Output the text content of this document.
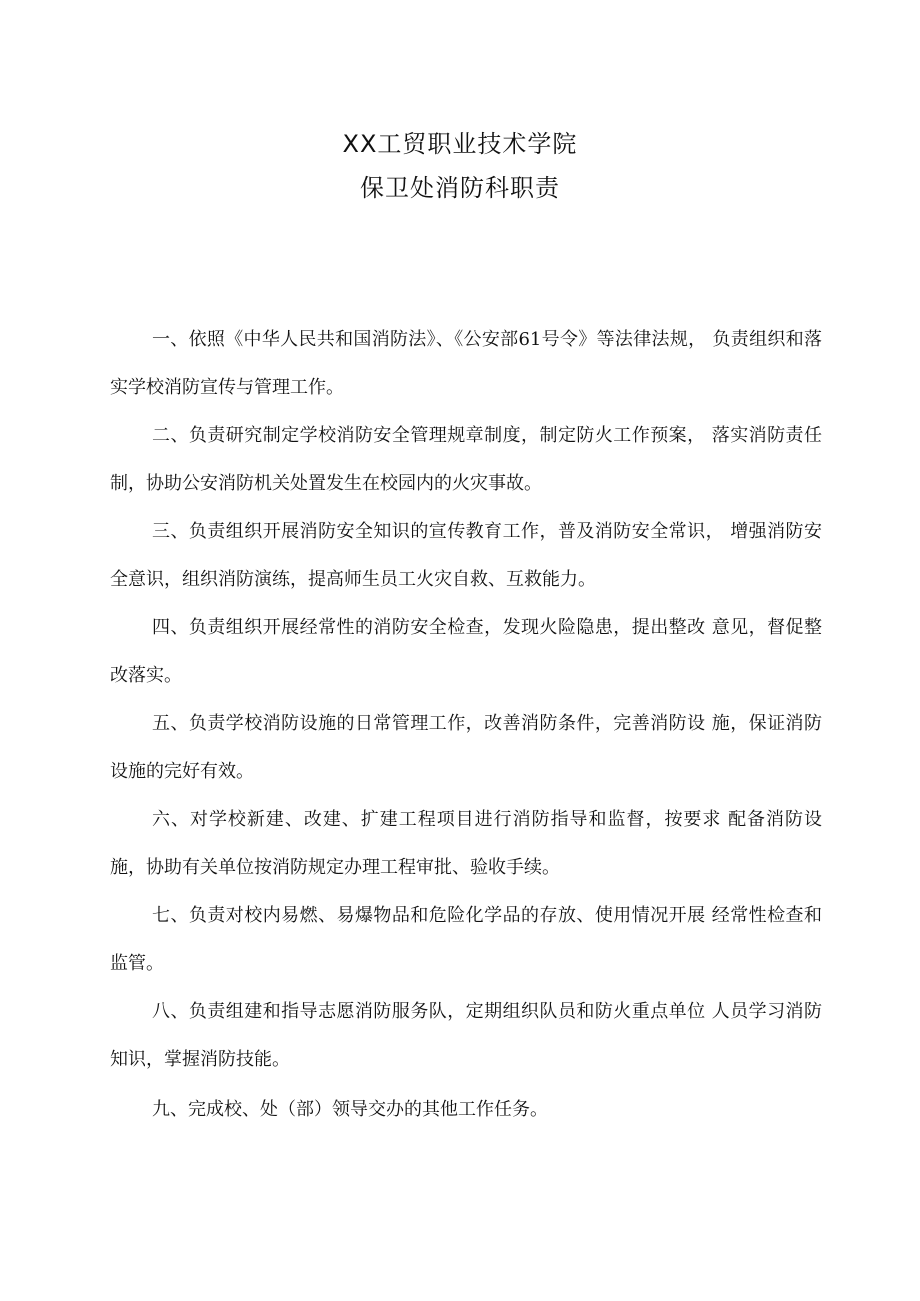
XX工贸职业技术学院
保卫处消防科职责

一、依照《中华人民共和国消防法》、《公安部61号令》等法律法规， 负责组织和落实学校消防宣传与管理工作。

二、负责研究制定学校消防安全管理规章制度，制定防火工作预案， 落实消防责任制，协助公安消防机关处置发生在校园内的火灾事故。

三、负责组织开展消防安全知识的宣传教育工作，普及消防安全常识， 增强消防安全意识，组织消防演练，提高师生员工火灾自救、互救能力。

四、负责组织开展经常性的消防安全检查，发现火险隐患，提出整改 意见，督促整改落实。

五、负责学校消防设施的日常管理工作，改善消防条件，完善消防设 施，保证消防设施的完好有效。

六、对学校新建、改建、扩建工程项目进行消防指导和监督，按要求 配备消防设施，协助有关单位按消防规定办理工程审批、验收手续。

七、负责对校内易燃、易爆物品和危险化学品的存放、使用情况开展 经常性检查和监管。

八、负责组建和指导志愿消防服务队，定期组织队员和防火重点单位 人员学习消防知识，掌握消防技能。

九、完成校、处（部）领导交办的其他工作任务。
